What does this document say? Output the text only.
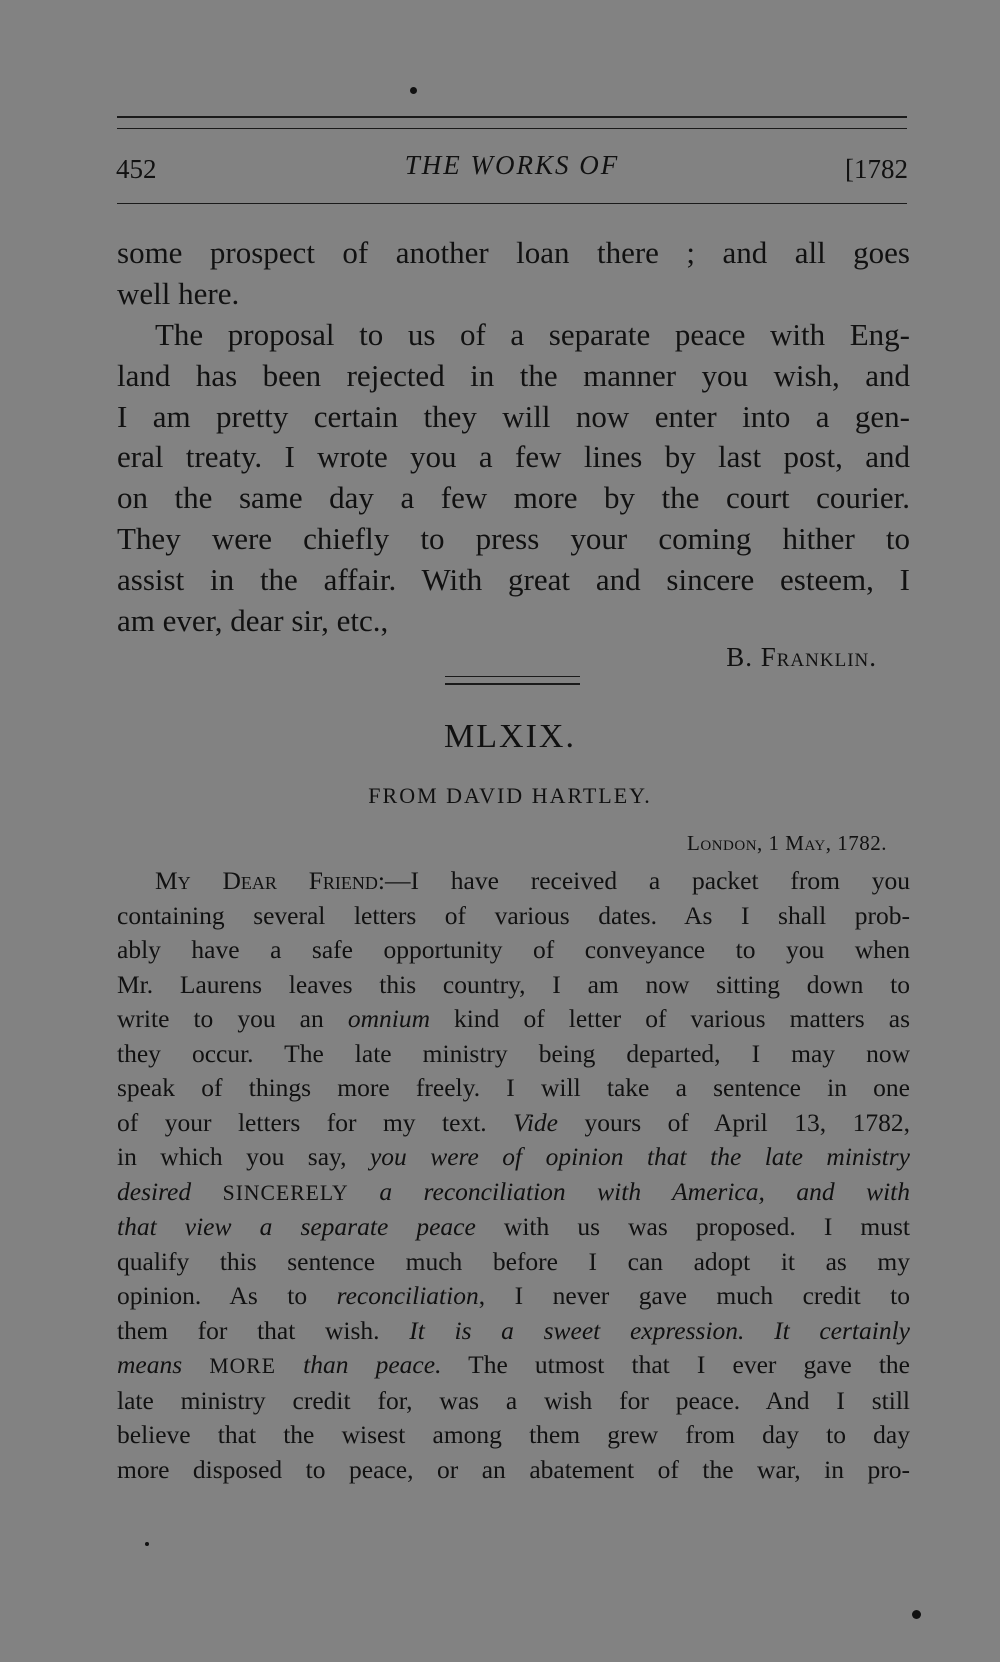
452	THE WORKS OF	[1782
some prospect of another loan there ; and all goes
well here.
The proposal to us of a separate peace with Eng-
land has been rejected in the manner you wish, and
I am pretty certain they will now enter into a gen-
eral treaty. I wrote you a few lines by last post, and
on the same day a few more by the court courier.
They were chiefly to press your coming hither to
assist in the affair. With great and sincere esteem, I
am ever, dear sir, etc.,
B. Franklin.
MLXIX.
FROM DAVID HARTLEY.
London, 1 May, 1782.
My Dear Friend:—I have received a packet from you
containing several letters of various dates. As I shall prob-
ably have a safe opportunity of conveyance to you when
Mr. Laurens leaves this country, I am now sitting down to
write to you an omnium kind of letter of various matters as
they occur. The late ministry being departed, I may now
speak of things more freely. I will take a sentence in one
of your letters for my text. Vide yours of April 13, 1782,
in which you say, you were of opinion that the late ministry
desired SINCERELY a reconciliation with America, and with
that view a separate peace with us was proposed. I must
qualify this sentence much before I can adopt it as my
opinion. As to reconciliation, I never gave much credit to
them for that wish. It is a sweet expression. It certainly
means MORE than peace. The utmost that I ever gave the
late ministry credit for, was a wish for peace. And I still
believe that the wisest among them grew from day to day
more disposed to peace, or an abatement of the war, in pro-
